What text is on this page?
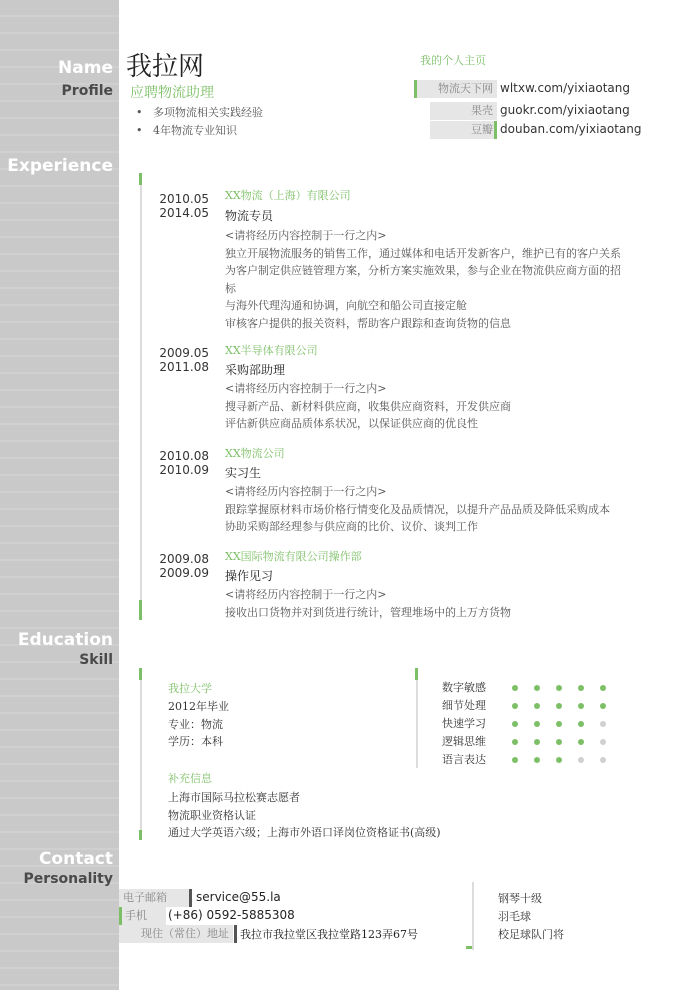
Name
Profile
Experience
Education
Skill
Contact
Personality
我拉网
应聘物流助理
•   多项物流相关实践经验
•   4年物流专业知识
我的个人主页
物流天下网 wltxw.com/yixiaotang
果壳 guokr.com/yixiaotang
豆瓣 douban.com/yixiaotang
2010.05
2014.05
XX物流（上海）有限公司
物流专员
<请将经历内容控制于一行之内>
独立开展物流服务的销售工作，通过媒体和电话开发新客户，维护已有的客户关系
为客户制定供应链管理方案，分析方案实施效果，参与企业在物流供应商方面的招
标
与海外代理沟通和协调，向航空和船公司直接定舱
审核客户提供的报关资料，帮助客户跟踪和查询货物的信息
2009.05
2011.08
XX半导体有限公司
采购部助理
<请将经历内容控制于一行之内>
搜寻新产品、新材料供应商，收集供应商资料，开发供应商
评估新供应商品质体系状况，以保证供应商的优良性
2010.08
2010.09
XX物流公司
实习生
<请将经历内容控制于一行之内>
跟踪掌握原材料市场价格行情变化及品质情况，以提升产品品质及降低采购成本
协助采购部经理参与供应商的比价、议价、谈判工作
2009.08
2009.09
XX国际物流有限公司操作部
操作见习
<请将经历内容控制于一行之内>
接收出口货物并对到货进行统计，管理堆场中的上万方货物
我拉大学
2012年毕业
专业：物流
学历：本科
补充信息
上海市国际马拉松赛志愿者
物流职业资格认证
通过大学英语六级；上海市外语口译岗位资格证书(高级)
数字敏感
细节处理
快速学习
逻辑思维
语言表达
电子邮箱	service@55.la
手机	(+86) 0592-5885308
现住（常住）地址	我拉市我拉堂区我拉堂路123弄67号
钢琴十级
羽毛球
校足球队门将
